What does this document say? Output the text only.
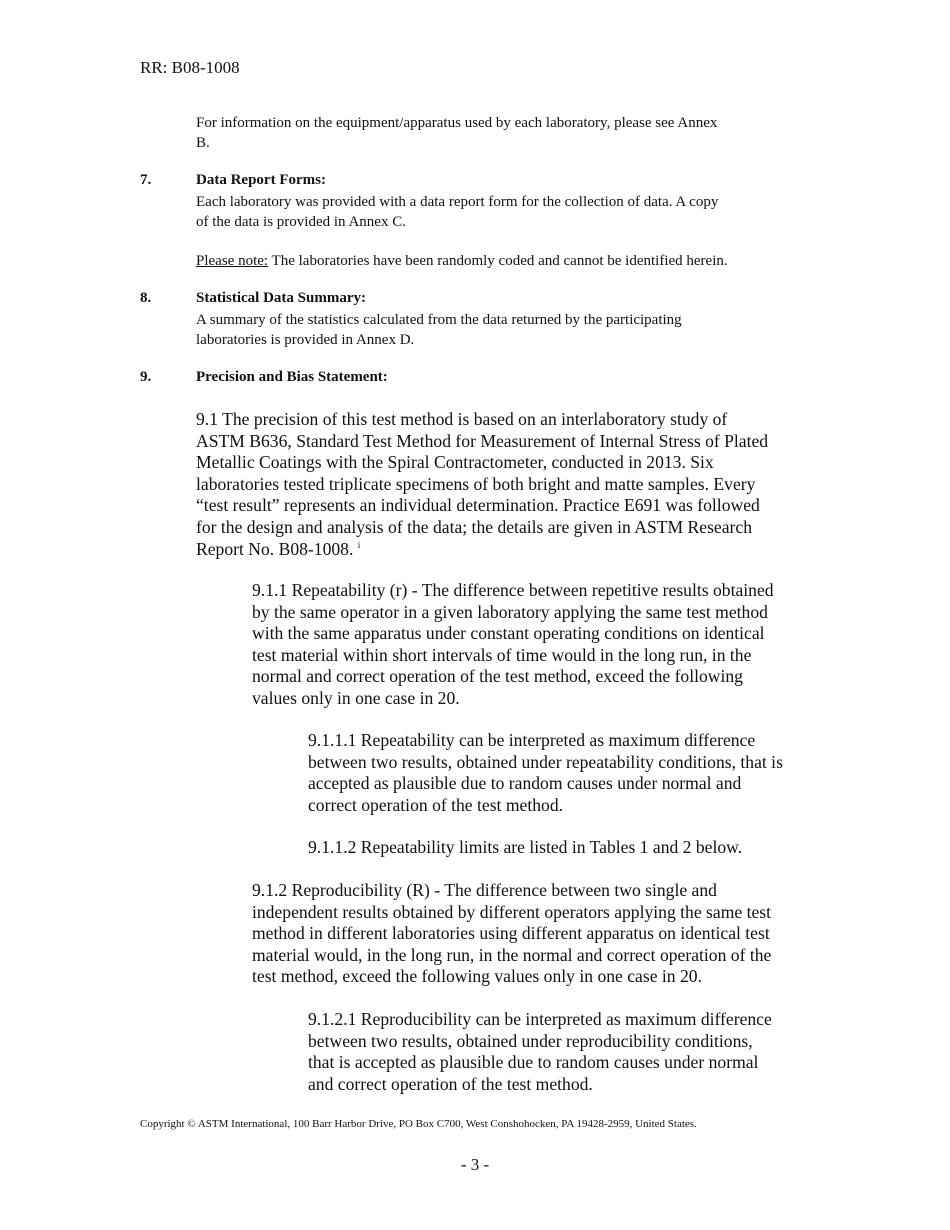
RR: B08-1008
For information on the equipment/apparatus used by each laboratory, please see Annex
B.
7.	Data Report Forms:
Each laboratory was provided with a data report form for the collection of data. A copy
of the data is provided in Annex C.
Please note: The laboratories have been randomly coded and cannot be identified herein.
8.	Statistical Data Summary:
A summary of the statistics calculated from the data returned by the participating
laboratories is provided in Annex D.
9.	Precision and Bias Statement:
9.1 The precision of this test method is based on an interlaboratory study of
ASTM B636, Standard Test Method for Measurement of Internal Stress of Plated
Metallic Coatings with the Spiral Contractometer, conducted in 2013. Six
laboratories tested triplicate specimens of both bright and matte samples. Every
“test result” represents an individual determination. Practice E691 was followed
for the design and analysis of the data; the details are given in ASTM Research
Report No. B08-1008. $^i$
9.1.1 Repeatability (r) - The difference between repetitive results obtained
by the same operator in a given laboratory applying the same test method
with the same apparatus under constant operating conditions on identical
test material within short intervals of time would in the long run, in the
normal and correct operation of the test method, exceed the following
values only in one case in 20.
9.1.1.1 Repeatability can be interpreted as maximum difference
between two results, obtained under repeatability conditions, that is
accepted as plausible due to random causes under normal and
correct operation of the test method.
9.1.1.2 Repeatability limits are listed in Tables 1 and 2 below.
9.1.2 Reproducibility (R) - The difference between two single and
independent results obtained by different operators applying the same test
method in different laboratories using different apparatus on identical test
material would, in the long run, in the normal and correct operation of the
test method, exceed the following values only in one case in 20.
9.1.2.1 Reproducibility can be interpreted as maximum difference
between two results, obtained under reproducibility conditions,
that is accepted as plausible due to random causes under normal
and correct operation of the test method.
Copyright © ASTM International, 100 Barr Harbor Drive, PO Box C700, West Conshohocken, PA 19428-2959, United States.
- 3 -
